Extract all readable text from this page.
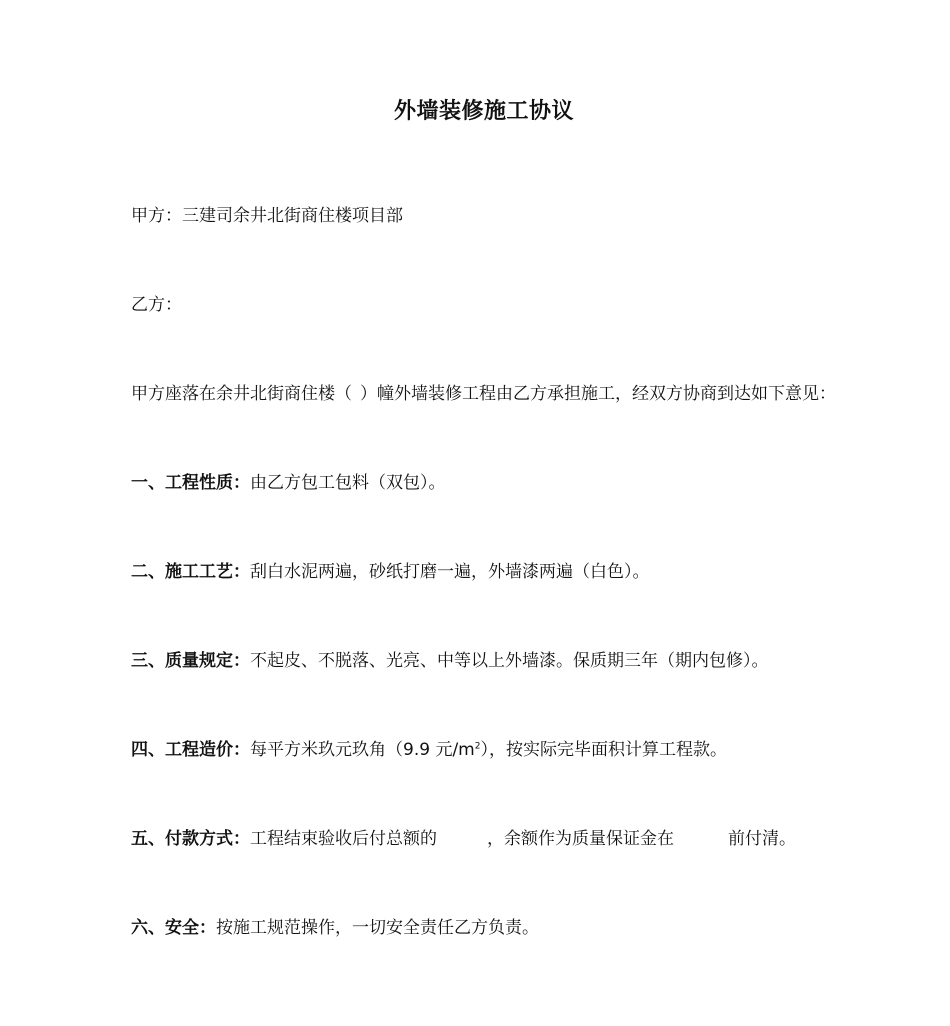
外墙装修施工协议
甲方：三建司余井北街商住楼项目部
乙方：
甲方座落在余井北街商住楼（ ）幢外墙装修工程由乙方承担施工，经双方协商到达如下意见：
一、工程性质：由乙方包工包料（双包）。
二、施工工艺：刮白水泥两遍，砂纸打磨一遍，外墙漆两遍（白色）。
三、质量规定：不起皮、不脱落、光亮、中等以上外墙漆。保质期三年（期内包修）。
四、工程造价：每平方米玖元玖角（9.9 元$/m^2$），按实际完毕面积计算工程款。
五、付款方式：工程结束验收后付总额的	，余额作为质量保证金在	前付清。
六、安全：按施工规范操作，一切安全责任乙方负责。
